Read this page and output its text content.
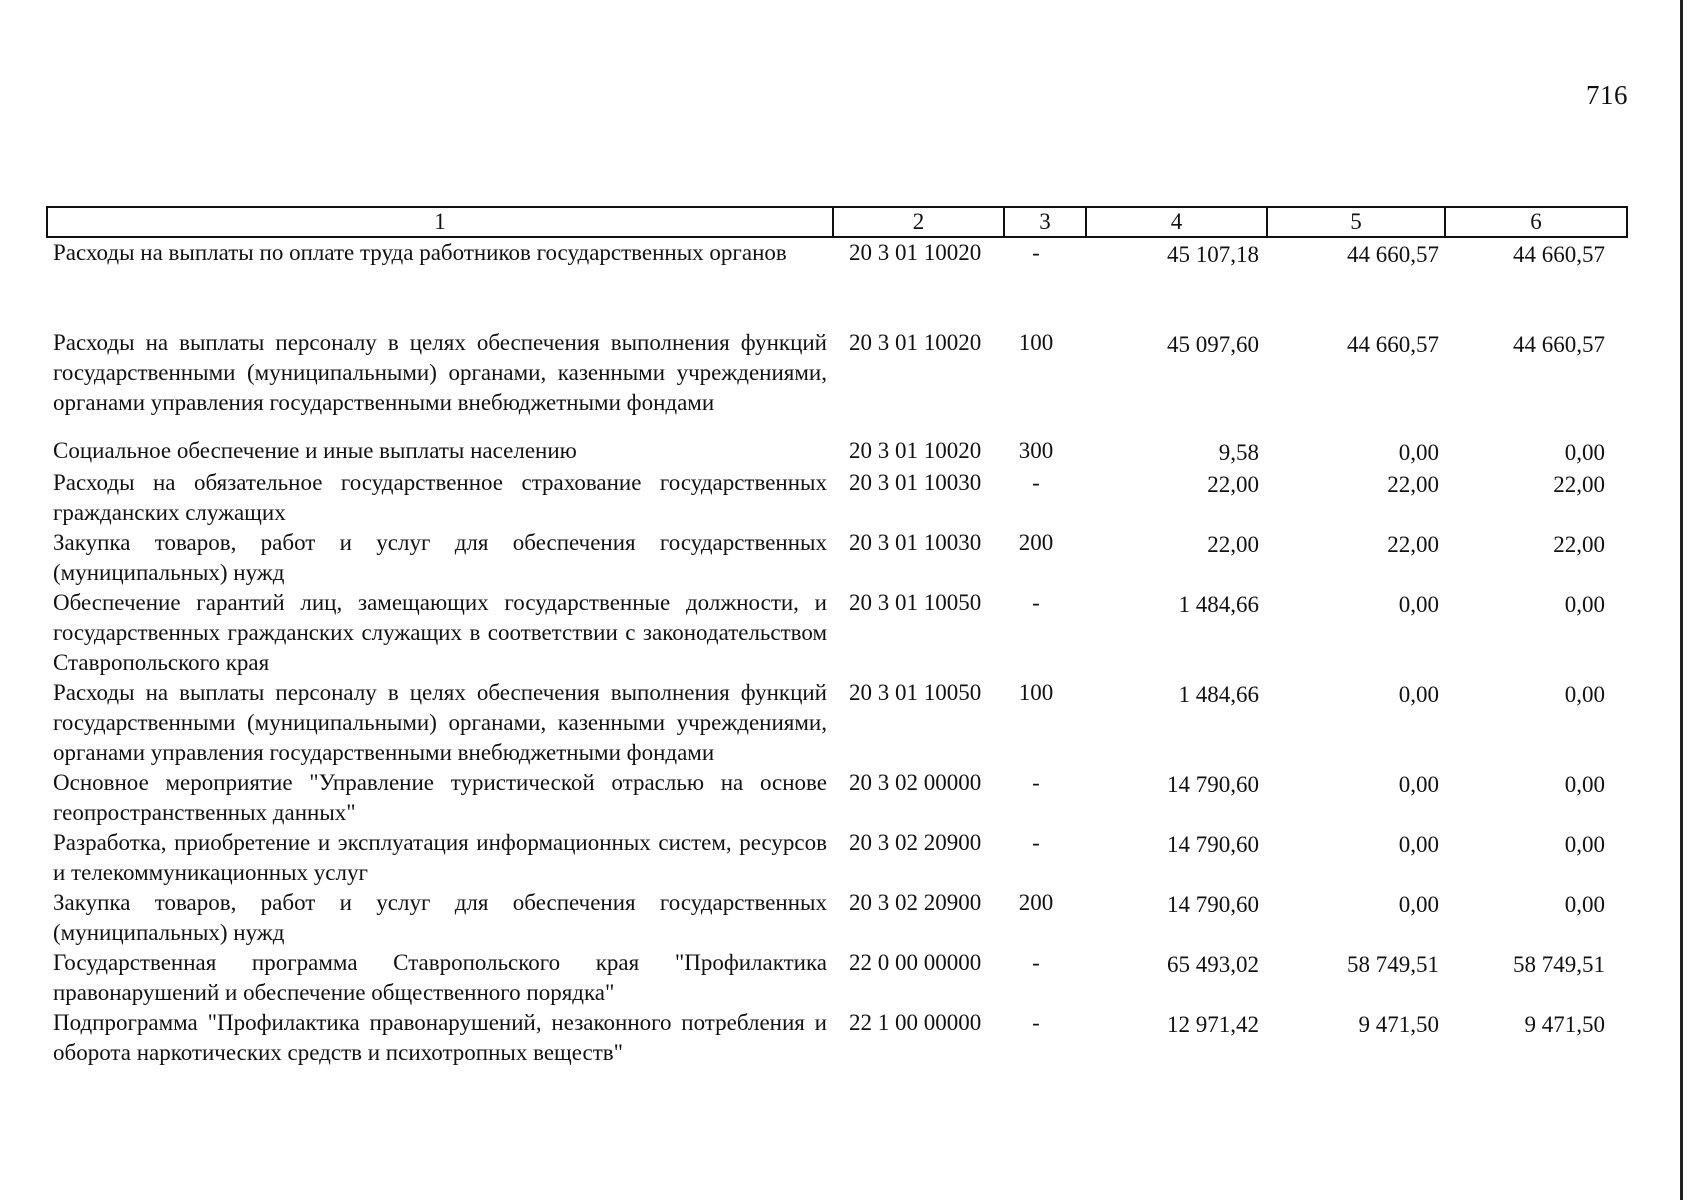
716
1	2	3	4	5	6
Расходы на выплаты по оплате труда работников государственных органов	20 3 01 10020	-	45 107,18	44 660,57	44 660,57
Расходы на выплаты персоналу в целях обеспечения выполнения функций государственными (муниципальными) органами, казенными учреждениями, органами управления государственными внебюджетными фондами	20 3 01 10020	100	45 097,60	44 660,57	44 660,57
Социальное обеспечение и иные выплаты населению	20 3 01 10020	300	9,58	0,00	0,00
Расходы на обязательное государственное страхование государственных гражданских служащих	20 3 01 10030	-	22,00	22,00	22,00
Закупка товаров, работ и услуг для обеспечения государственных (муниципальных) нужд	20 3 01 10030	200	22,00	22,00	22,00
Обеспечение гарантий лиц, замещающих государственные должности, и государственных гражданских служащих в соответствии с законодательством Ставропольского края	20 3 01 10050	-	1 484,66	0,00	0,00
Расходы на выплаты персоналу в целях обеспечения выполнения функций государственными (муниципальными) органами, казенными учреждениями, органами управления государственными внебюджетными фондами	20 3 01 10050	100	1 484,66	0,00	0,00
Основное мероприятие "Управление туристической отраслью на основе геопространственных данных"	20 3 02 00000	-	14 790,60	0,00	0,00
Разработка, приобретение и эксплуатация информационных систем, ресурсов и телекоммуникационных услуг	20 3 02 20900	-	14 790,60	0,00	0,00
Закупка товаров, работ и услуг для обеспечения государственных (муниципальных) нужд	20 3 02 20900	200	14 790,60	0,00	0,00
Государственная программа Ставропольского края "Профилактика правонарушений и обеспечение общественного порядка"	22 0 00 00000	-	65 493,02	58 749,51	58 749,51
Подпрограмма "Профилактика правонарушений, незаконного потребления и оборота наркотических средств и психотропных веществ"	22 1 00 00000	-	12 971,42	9 471,50	9 471,50
